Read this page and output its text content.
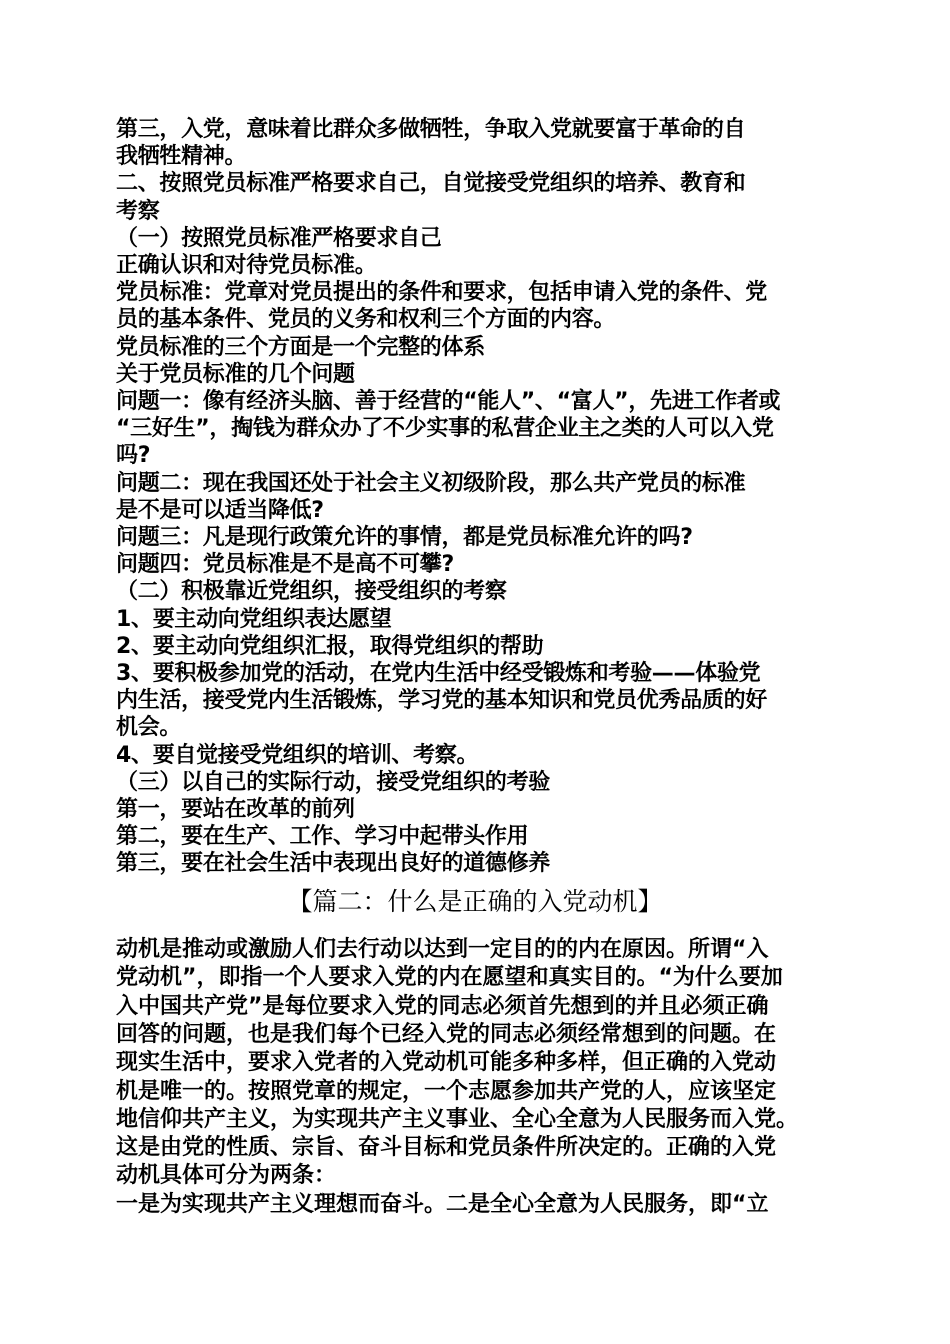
第三，入党，意味着比群众多做牺牲，争取入党就要富于革命的自
我牺牲精神。
二、按照党员标准严格要求自己，自觉接受党组织的培养、教育和
考察
（一）按照党员标准严格要求自己
正确认识和对待党员标准。
党员标准：党章对党员提出的条件和要求，包括申请入党的条件、党
员的基本条件、党员的义务和权利三个方面的内容。
党员标准的三个方面是一个完整的体系
关于党员标准的几个问题
问题一：像有经济头脑、善于经营的“能人”、“富人”，先进工作者或
“三好生”，掏钱为群众办了不少实事的私营企业主之类的人可以入党
吗?
问题二：现在我国还处于社会主义初级阶段，那么共产党员的标准
是不是可以适当降低?
问题三：凡是现行政策允许的事情，都是党员标准允许的吗?
问题四：党员标准是不是高不可攀?
（二）积极靠近党组织，接受组织的考察
1、要主动向党组织表达愿望
2、要主动向党组织汇报，取得党组织的帮助
3、要积极参加党的活动，在党内生活中经受锻炼和考验——体验党
内生活，接受党内生活锻炼，学习党的基本知识和党员优秀品质的好
机会。
4、要自觉接受党组织的培训、考察。
（三）以自己的实际行动，接受党组织的考验
第一，要站在改革的前列
第二，要在生产、工作、学习中起带头作用
第三，要在社会生活中表现出良好的道德修养
【篇二：什么是正确的入党动机】
动机是推动或激励人们去行动以达到一定目的的内在原因。所谓“入
党动机”，即指一个人要求入党的内在愿望和真实目的。“为什么要加
入中国共产党”是每位要求入党的同志必须首先想到的并且必须正确
回答的问题，也是我们每个已经入党的同志必须经常想到的问题。在
现实生活中，要求入党者的入党动机可能多种多样，但正确的入党动
机是唯一的。按照党章的规定，一个志愿参加共产党的人，应该坚定
地信仰共产主义，为实现共产主义事业、全心全意为人民服务而入党。
这是由党的性质、宗旨、奋斗目标和党员条件所决定的。正确的入党
动机具体可分为两条：
一是为实现共产主义理想而奋斗。二是全心全意为人民服务，即“立
